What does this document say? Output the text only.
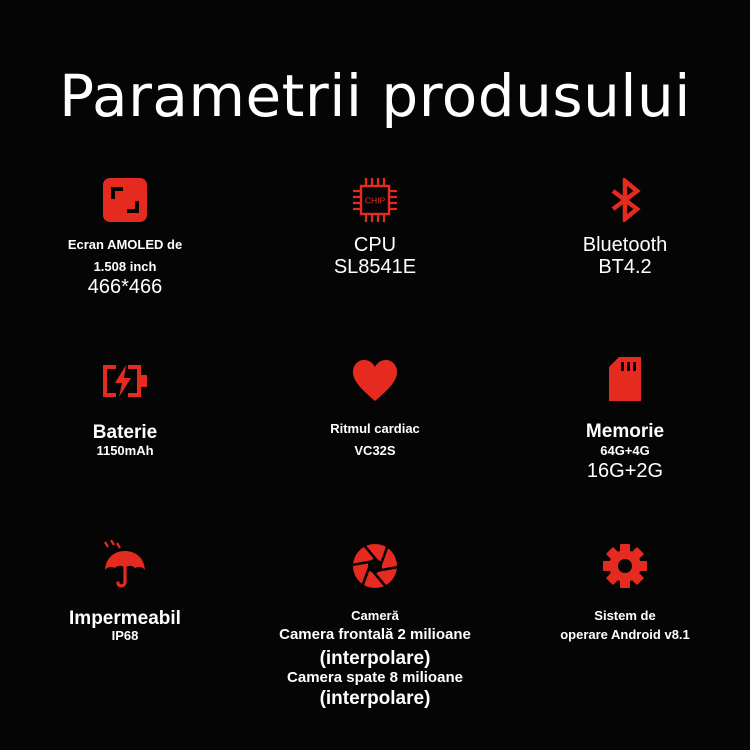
Parametrii produsului
Ecran AMOLED de
1.508 inch
466*466
CHIP
CPU
SL8541E
Bluetooth
BT4.2
Baterie
1150mAh
Ritmul cardiac
VC32S
Memorie
64G+4G
16G+2G
Impermeabil
IP68
Cameră
Camera frontală 2 milioane
(interpolare)
Camera spate 8 milioane
(interpolare)
Sistem de
operare Android v8.1
